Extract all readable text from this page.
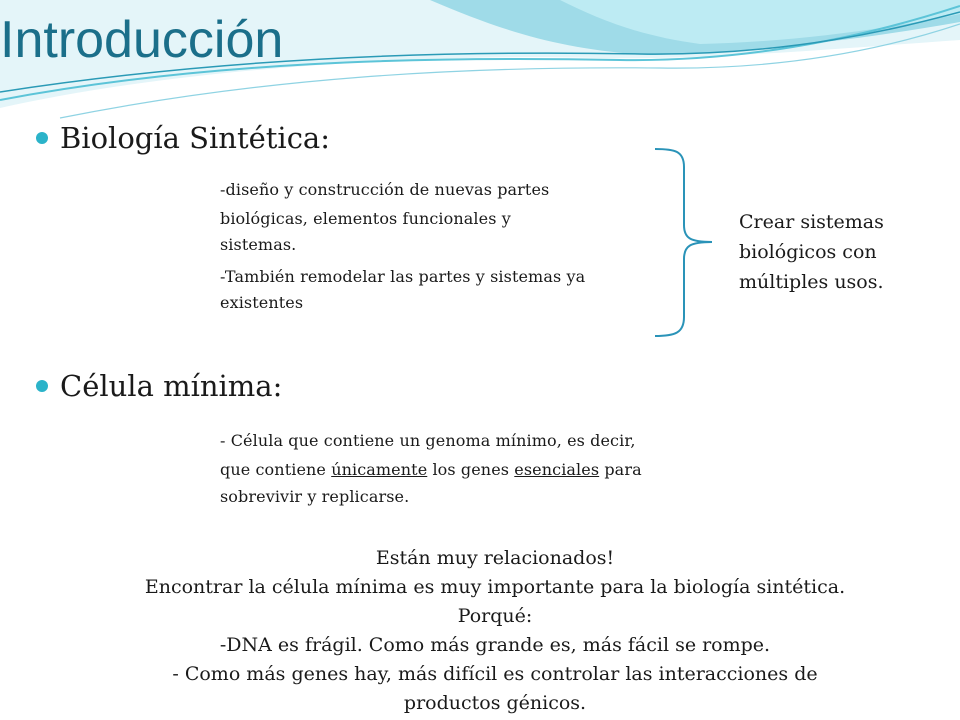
Introducción
Biología Sintética:

-diseño y construcción de nuevas partes

biológicas, elementos funcionales y

sistemas.

-También remodelar las partes y sistemas ya

existentes

Crear sistemas biológicos con múltiples usos.

Célula mínima:

- Célula que contiene un genoma mínimo, es decir,

que contiene únicamente los genes esenciales para

sobrevivir y replicarse.

Están muy relacionados!
Encontrar la célula mínima es muy importante para la biología sintética.
Porqué:
-DNA es frágil. Como más grande es, más fácil se rompe.
- Como más genes hay, más difícil es controlar las interacciones de
productos génicos.
